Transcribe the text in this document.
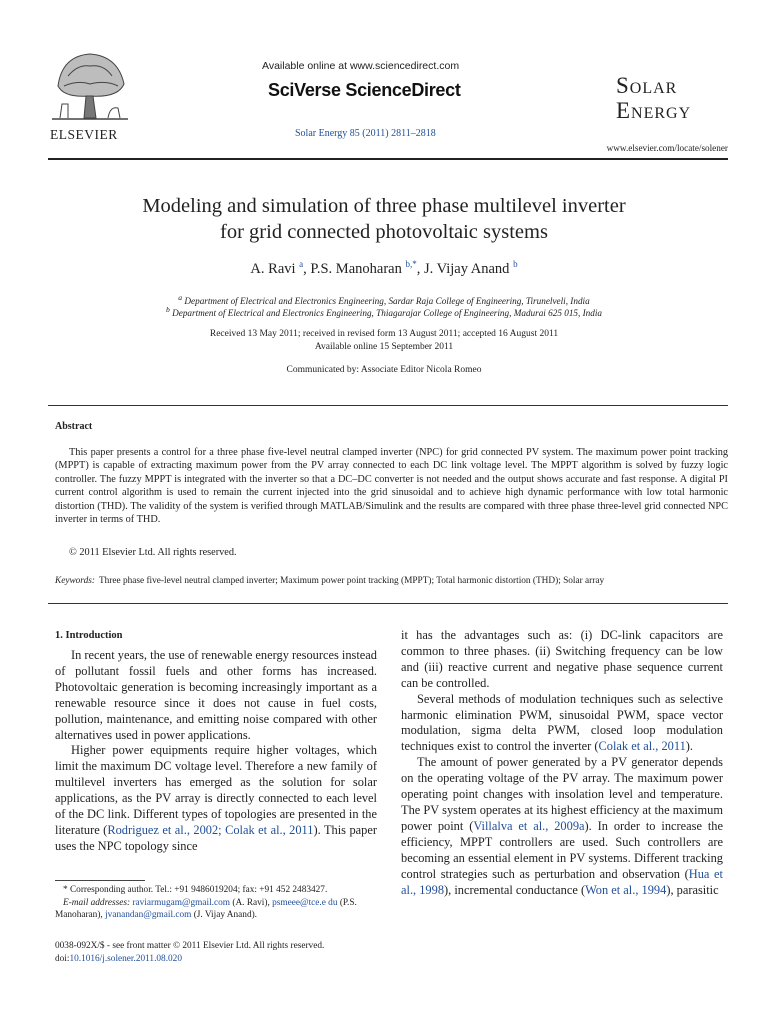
ELSEVIER
Available online at www.sciencedirect.com
SciVerse ScienceDirect
Solar Energy 85 (2011) 2811–2818
Solar
Energy
www.elsevier.com/locate/solener
Modeling and simulation of three phase multilevel inverter
for grid connected photovoltaic systems
A. Ravi $^a$, P.S. Manoharan $^{b,*}$, J. Vijay Anand $^b$
$^a$ Department of Electrical and Electronics Engineering, Sardar Raja College of Engineering, Tirunelveli, India
$^b$ Department of Electrical and Electronics Engineering, Thiagarajar College of Engineering, Madurai 625 015, India
Received 13 May 2011; received in revised form 13 August 2011; accepted 16 August 2011
Available online 15 September 2011
Communicated by: Associate Editor Nicola Romeo
Abstract
This paper presents a control for a three phase five-level neutral clamped inverter (NPC) for grid connected PV system. The maximum power point tracking (MPPT) is capable of extracting maximum power from the PV array connected to each DC link voltage level. The MPPT algorithm is solved by fuzzy logic controller. The fuzzy MPPT is integrated with the inverter so that a DC–DC converter is not needed and the output shows accurate and fast response. A digital PI current control algorithm is used to remain the current injected into the grid sinusoidal and to achieve high dynamic performance with low total harmonic distortion (THD). The validity of the system is verified through MATLAB/Simulink and the results are compared with three phase three-level grid connected NPC inverter in terms of THD.
© 2011 Elsevier Ltd. All rights reserved.
Keywords: Three phase five-level neutral clamped inverter; Maximum power point tracking (MPPT); Total harmonic distortion (THD); Solar array
1. Introduction

In recent years, the use of renewable energy resources instead of pollutant fossil fuels and other forms has increased. Photovoltaic generation is becoming increasingly important as a renewable resource since it does not cause in fuel costs, pollution, maintenance, and emitting noise compared with other alternatives used in power applications.

Higher power equipments require higher voltages, which limit the maximum DC voltage level. Therefore a new family of multilevel inverters has emerged as the solution for solar applications, as the PV array is directly connected to each level of the DC link. Different types of topologies are presented in the literature (Rodriguez et al., 2002; Colak et al., 2011). This paper uses the NPC topology since

it has the advantages such as: (i) DC-link capacitors are common to three phases. (ii) Switching frequency can be low and (iii) reactive current and negative phase sequence current can be controlled.

Several methods of modulation techniques such as selective harmonic elimination PWM, sinusoidal PWM, space vector modulation, sigma delta PWM, closed loop modulation techniques exist to control the inverter (Colak et al., 2011).

The amount of power generated by a PV generator depends on the operating voltage of the PV array. The maximum power operating point changes with insolation level and temperature. The PV system operates at its highest efficiency at the maximum power point (Villalva et al., 2009a). In order to increase the efficiency, MPPT controllers are used. Such controllers are becoming an essential element in PV systems. Different tracking control strategies such as perturbation and observation (Hua et al., 1998), incremental conductance (Won et al., 1994), parasitic

* Corresponding author. Tel.: +91 9486019204; fax: +91 452 2483427.
E-mail addresses: raviarmugam@gmail.com (A. Ravi), psmeee@tce.e du (P.S. Manoharan), jvanandan@gmail.com (J. Vijay Anand).
0038-092X/$ - see front matter © 2011 Elsevier Ltd. All rights reserved.
doi:10.1016/j.solener.2011.08.020
